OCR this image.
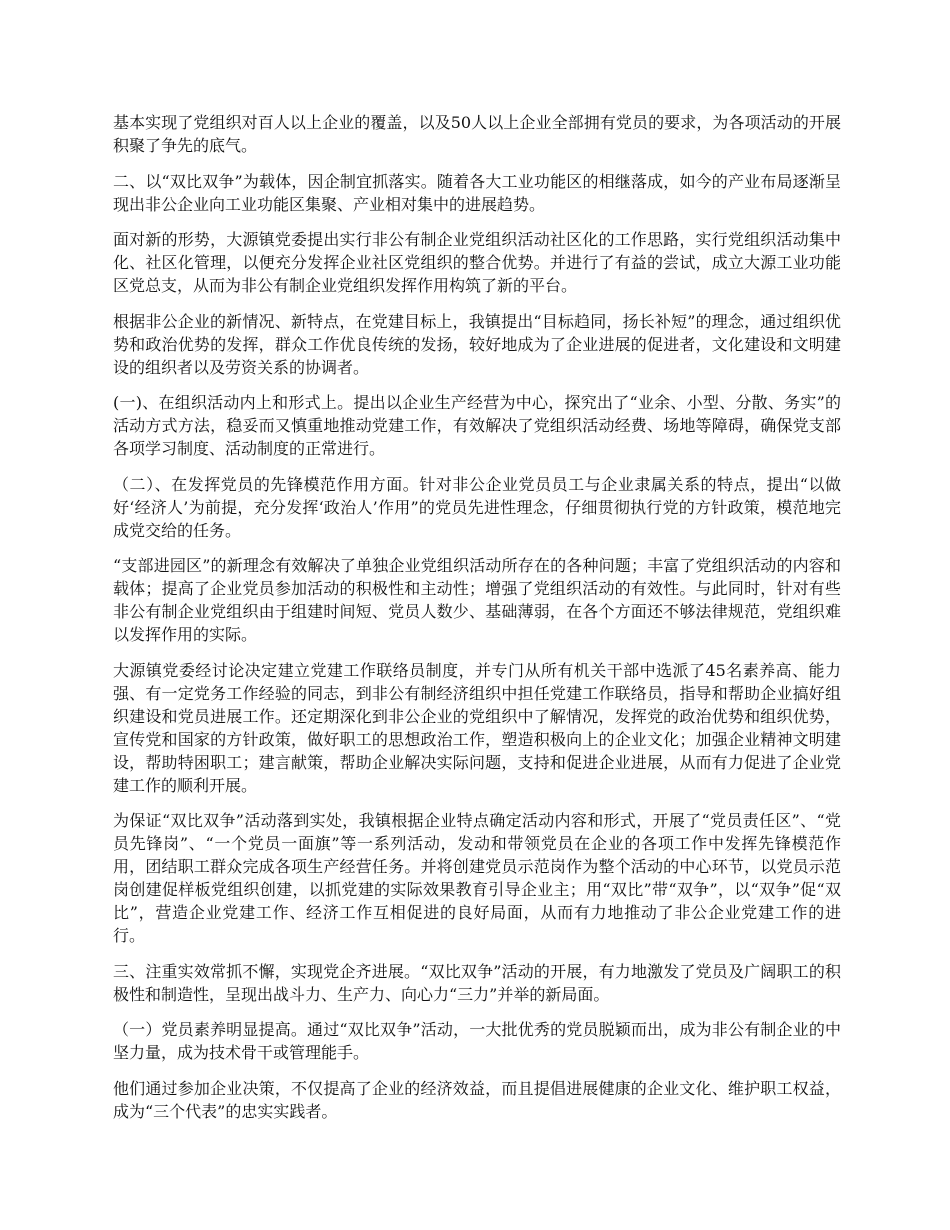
基本实现了党组织对百人以上企业的覆盖，以及50人以上企业全部拥有党员的要求，为各项活动的开展积聚了争先的底气。

二、以“双比双争”为载体，因企制宜抓落实。随着各大工业功能区的相继落成，如今的产业布局逐渐呈现出非公企业向工业功能区集聚、产业相对集中的进展趋势。

面对新的形势，大源镇党委提出实行非公有制企业党组织活动社区化的工作思路，实行党组织活动集中化、社区化管理，以便充分发挥企业社区党组织的整合优势。并进行了有益的尝试，成立大源工业功能区党总支，从而为非公有制企业党组织发挥作用构筑了新的平台。

根据非公企业的新情况、新特点，在党建目标上，我镇提出“目标趋同，扬长补短”的理念，通过组织优势和政治优势的发挥，群众工作优良传统的发扬，较好地成为了企业进展的促进者，文化建设和文明建设的组织者以及劳资关系的协调者。

(一)、在组织活动内上和形式上。提出以企业生产经营为中心，探究出了“业余、小型、分散、务实”的活动方式方法，稳妥而又慎重地推动党建工作，有效解决了党组织活动经费、场地等障碍，确保党支部各项学习制度、活动制度的正常进行。

（二）、在发挥党员的先锋模范作用方面。针对非公企业党员员工与企业隶属关系的特点，提出“以做好‘经济人’为前提，充分发挥‘政治人’作用”的党员先进性理念，仔细贯彻执行党的方针政策，模范地完成党交给的任务。

“支部进园区”的新理念有效解决了单独企业党组织活动所存在的各种问题；丰富了党组织活动的内容和载体；提高了企业党员参加活动的积极性和主动性；增强了党组织活动的有效性。与此同时，针对有些非公有制企业党组织由于组建时间短、党员人数少、基础薄弱，在各个方面还不够法律规范，党组织难以发挥作用的实际。

大源镇党委经讨论决定建立党建工作联络员制度，并专门从所有机关干部中选派了45名素养高、能力强、有一定党务工作经验的同志，到非公有制经济组织中担任党建工作联络员，指导和帮助企业搞好组织建设和党员进展工作。还定期深化到非公企业的党组织中了解情况，发挥党的政治优势和组织优势，宣传党和国家的方针政策，做好职工的思想政治工作，塑造积极向上的企业文化；加强企业精神文明建设，帮助特困职工；建言献策，帮助企业解决实际问题，支持和促进企业进展，从而有力促进了企业党建工作的顺利开展。

为保证“双比双争”活动落到实处，我镇根据企业特点确定活动内容和形式，开展了“党员责任区”、“党员先锋岗”、“一个党员一面旗”等一系列活动，发动和带领党员在企业的各项工作中发挥先锋模范作用，团结职工群众完成各项生产经营任务。并将创建党员示范岗作为整个活动的中心环节，以党员示范岗创建促样板党组织创建，以抓党建的实际效果教育引导企业主；用“双比”带“双争”，以“双争”促“双比”，营造企业党建工作、经济工作互相促进的良好局面，从而有力地推动了非公企业党建工作的进行。

三、注重实效常抓不懈，实现党企齐进展。“双比双争”活动的开展，有力地激发了党员及广阔职工的积极性和制造性，呈现出战斗力、生产力、向心力“三力”并举的新局面。

（一）党员素养明显提高。通过“双比双争”活动，一大批优秀的党员脱颖而出，成为非公有制企业的中坚力量，成为技术骨干或管理能手。

他们通过参加企业决策，不仅提高了企业的经济效益，而且提倡进展健康的企业文化、维护职工权益，成为“三个代表”的忠实实践者。
